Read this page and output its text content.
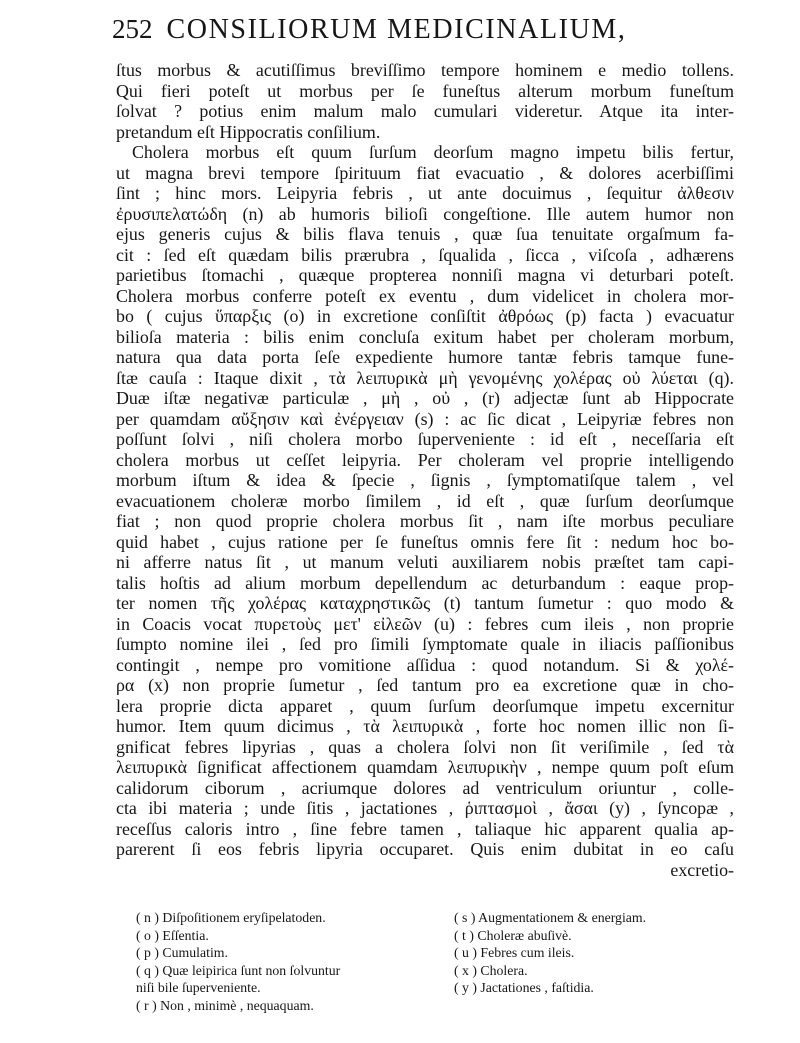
252 CONSILIORUM MEDICINALIUM,
ſtus morbus & acutiſſimus breviſſimo tempore hominem e medio tollens.
Qui fieri poteſt ut morbus per ſe funeſtus alterum morbum funeſtum
ſolvat ? potius enim malum malo cumulari videretur. Atque ita inter-
pretandum eſt Hippocratis conſilium.
Cholera morbus eſt quum ſurſum deorſum magno impetu bilis fertur,
ut magna brevi tempore ſpirituum fiat evacuatio , & dolores acerbiſſimi
ſint ; hinc mors. Leipyria febris , ut ante docuimus , ſequitur ἀλθεσιν
ἐρυσιπελατώδη (n) ab humoris bilioſi congeſtione. Ille autem humor non
ejus generis cujus & bilis flava tenuis , quæ ſua tenuitate orgaſmum fa-
cit : ſed eſt quædam bilis prærubra , ſqualida , ſicca , viſcoſa , adhærens
parietibus ſtomachi , quæque propterea nonniſi magna vi deturbari poteſt.
Cholera morbus conferre poteſt ex eventu , dum videlicet in cholera mor-
bo ( cujus ὕπαρξις (o) in excretione conſiſtit ἀθρόως (p) facta ) evacuatur
bilioſa materia : bilis enim concluſa exitum habet per choleram morbum,
natura qua data porta ſeſe expediente humore tantæ febris tamque fune-
ſtæ cauſa : Itaque dixit , τὰ λειπυρικὰ μὴ γενομένης χολέρας οὐ λύεται (q).
Duæ iſtæ negativæ particulæ , μὴ , οὐ , (r) adjectæ ſunt ab Hippocrate
per quamdam αὔξησιν καὶ ἐνέργειαν (s) : ac ſic dicat , Leipyriæ febres non
poſſunt ſolvi , niſi cholera morbo ſuperveniente : id eſt , neceſſaria eſt
cholera morbus ut ceſſet leipyria. Per choleram vel proprie intelligendo
morbum iſtum & idea & ſpecie , ſignis , ſymptomatiſque talem , vel
evacuationem choleræ morbo ſimilem , id eſt , quæ ſurſum deorſumque
fiat ; non quod proprie cholera morbus ſit , nam iſte morbus peculiare
quid habet , cujus ratione per ſe funeſtus omnis fere ſit : nedum hoc bo-
ni afferre natus ſit , ut manum veluti auxiliarem nobis præſtet tam capi-
talis hoſtis ad alium morbum depellendum ac deturbandum : eaque prop-
ter nomen τῆς χολέρας καταχρηστικῶς (t) tantum ſumetur : quo modo &
in Coacis vocat πυρετοὺς μετ' εἰλεῶν (u) : febres cum ileis , non proprie
ſumpto nomine ilei , ſed pro ſimili ſymptomate quale in iliacis paſſionibus
contingit , nempe pro vomitione aſſidua : quod notandum. Si & χολέ-
ρα (x) non proprie ſumetur , ſed tantum pro ea excretione quæ in cho-
lera proprie dicta apparet , quum ſurſum deorſumque impetu excernitur
humor. Item quum dicimus , τὰ λειπυρικὰ , forte hoc nomen illic non ſi-
gnificat febres lipyrias , quas a cholera ſolvi non ſit veriſimile , ſed τὰ
λειπυρικὰ ſignificat affectionem quamdam λειπυρικὴν , nempe quum poſt eſum
calidorum ciborum , acriumque dolores ad ventriculum oriuntur , colle-
cta ibi materia ; unde ſitis , jactationes , ῥιπτασμοὶ , ἄσαι (y) , ſyncopæ ,
receſſus caloris intro , ſine febre tamen , taliaque hic apparent qualia ap-
parerent ſi eos febris lipyria occuparet. Quis enim dubitat in eo caſu
excretio-
( n ) Diſpoſitionem eryſipelatoden.
( o ) Eſſentia.
( p ) Cumulatim.
( q ) Quæ leipirica ſunt non ſolvuntur
niſi bile ſuperveniente.
( r ) Non , minimè , nequaquam.
( s ) Augmentationem & energiam.
( t ) Choleræ abuſivè.
( u ) Febres cum ileis.
( x ) Cholera.
( y ) Jactationes , faſtidia.
